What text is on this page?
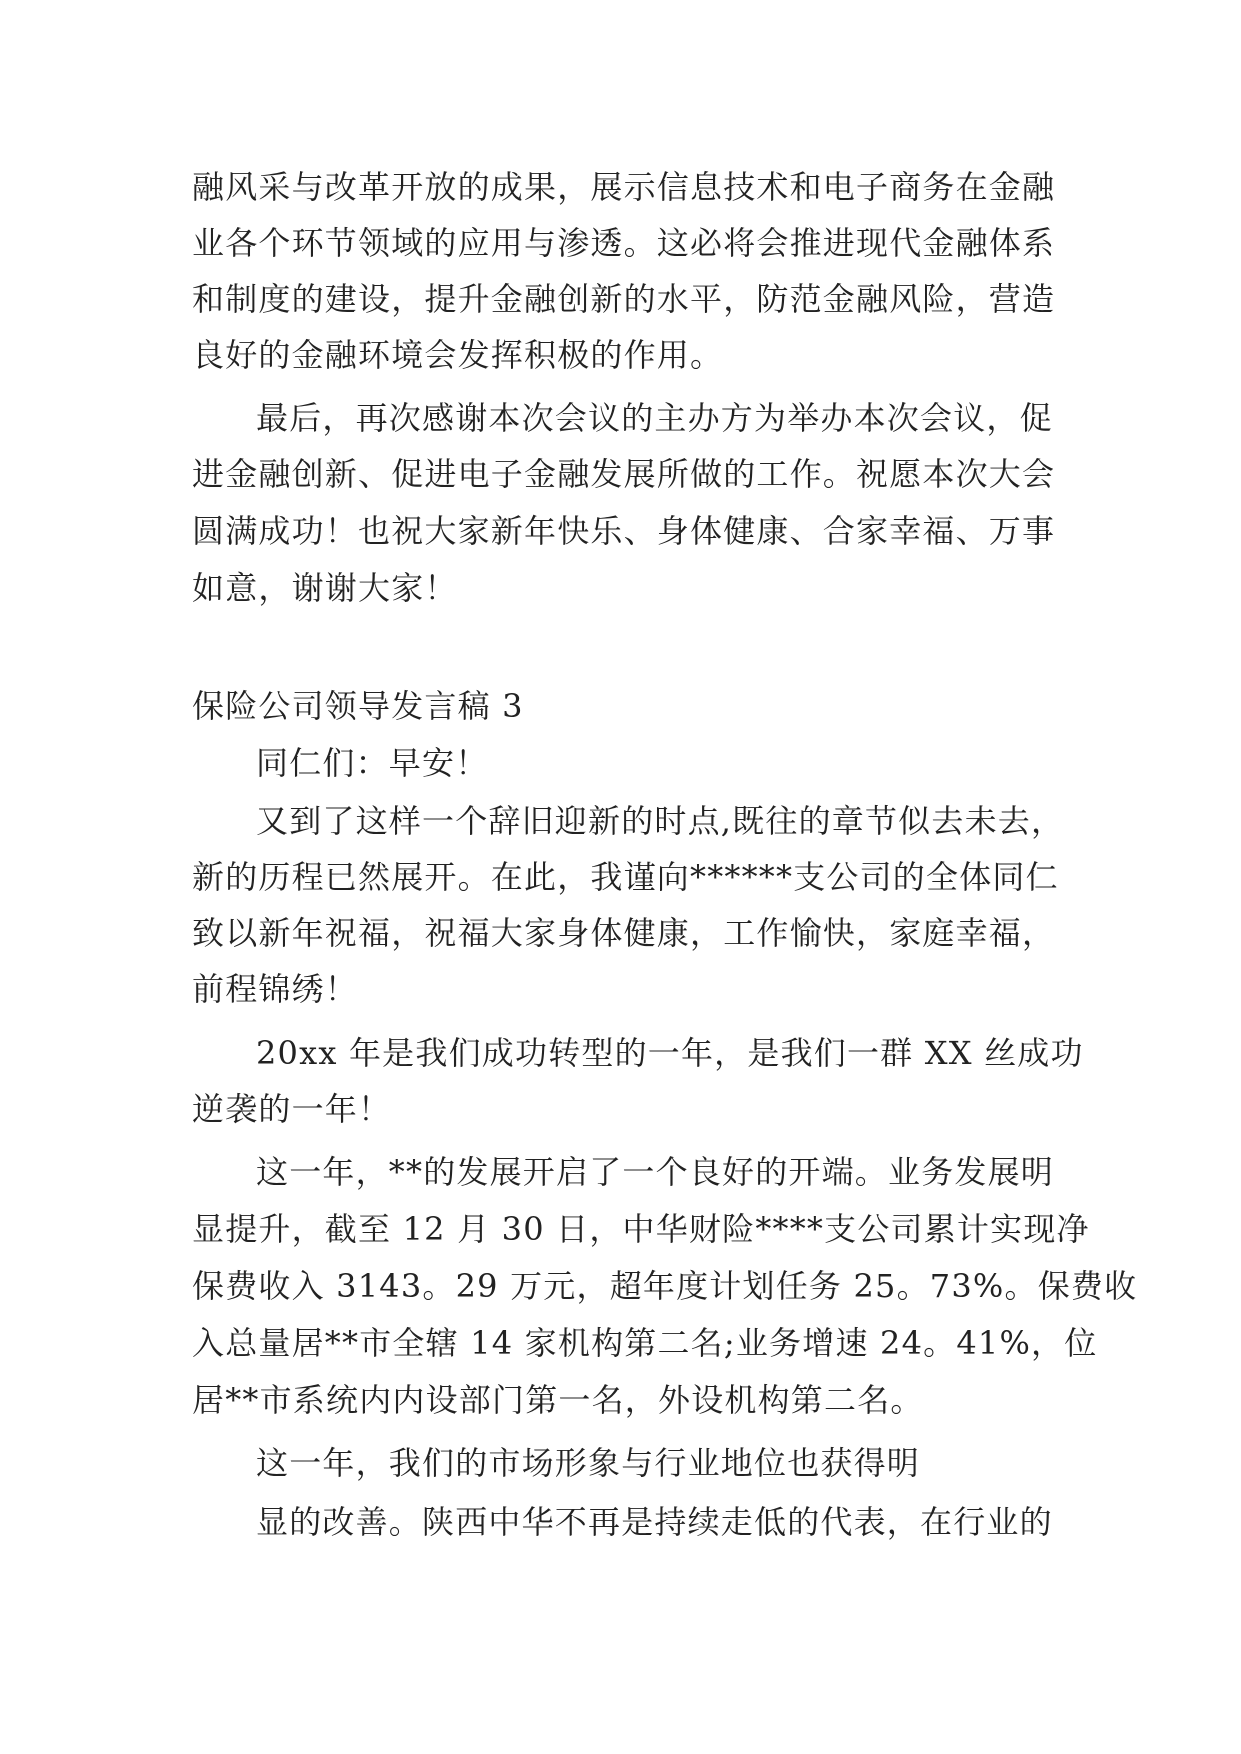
融风采与改革开放的成果，展示信息技术和电子商务在金融
业各个环节领域的应用与渗透。这必将会推进现代金融体系
和制度的建设，提升金融创新的水平，防范金融风险，营造
良好的金融环境会发挥积极的作用。
最后，再次感谢本次会议的主办方为举办本次会议，促
进金融创新、促进电子金融发展所做的工作。祝愿本次大会
圆满成功！也祝大家新年快乐、身体健康、合家幸福、万事
如意，谢谢大家！
保险公司领导发言稿 3
同仁们：早安！
又到了这样一个辞旧迎新的时点,既往的章节似去未去，
新的历程已然展开。在此，我谨向******支公司的全体同仁
致以新年祝福，祝福大家身体健康，工作愉快，家庭幸福，
前程锦绣！
20xx 年是我们成功转型的一年，是我们一群 XX 丝成功
逆袭的一年！
这一年，**的发展开启了一个良好的开端。业务发展明
显提升，截至 12 月 30 日，中华财险****支公司累计实现净
保费收入 3143。29 万元，超年度计划任务 25。73%。保费收
入总量居**市全辖 14 家机构第二名;业务增速 24。41%，位
居**市系统内内设部门第一名，外设机构第二名。
这一年，我们的市场形象与行业地位也获得明
显的改善。陕西中华不再是持续走低的代表，在行业的
